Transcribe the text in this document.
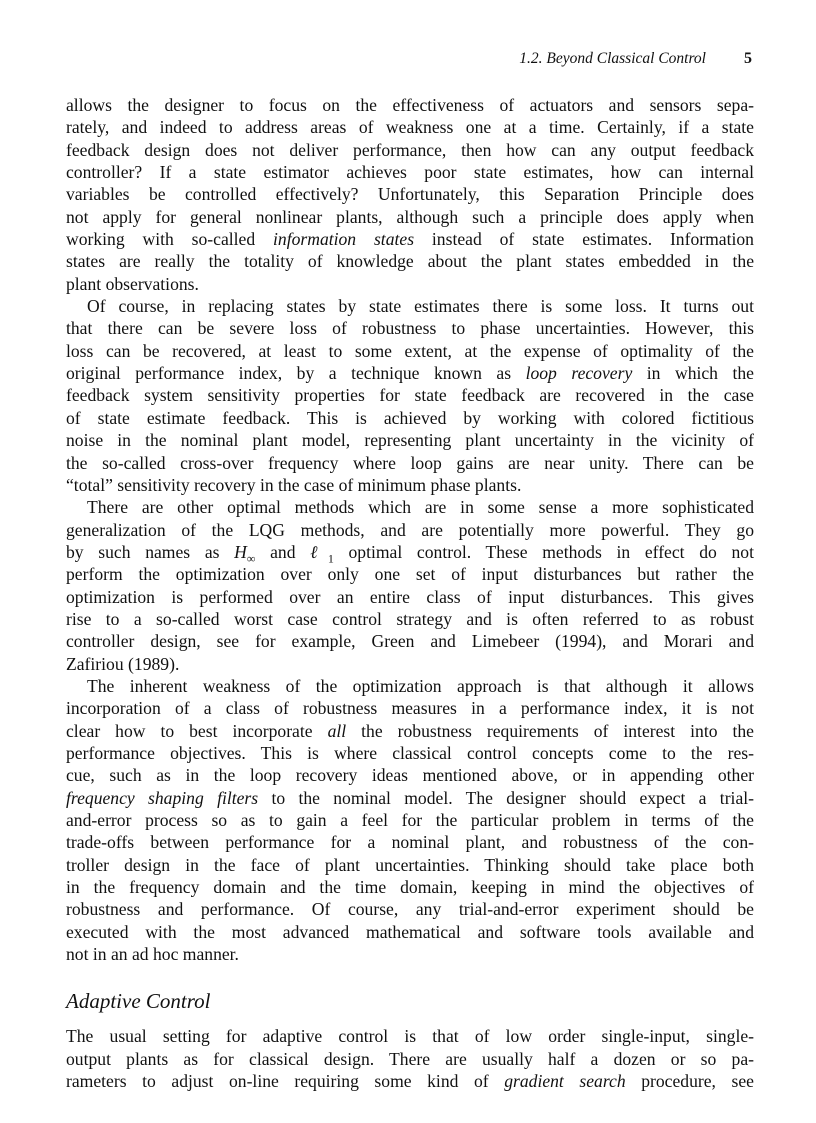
1.2. Beyond Classical Control 5
allows the designer to focus on the effectiveness of actuators and sensors sepa-
rately, and indeed to address areas of weakness one at a time. Certainly, if a state
feedback design does not deliver performance, then how can any output feedback
controller? If a state estimator achieves poor state estimates, how can internal
variables be controlled effectively? Unfortunately, this Separation Principle does
not apply for general nonlinear plants, although such a principle does apply when
working with so-called information states instead of state estimates. Information
states are really the totality of knowledge about the plant states embedded in the
plant observations.
Of course, in replacing states by state estimates there is some loss. It turns out
that there can be severe loss of robustness to phase uncertainties. However, this
loss can be recovered, at least to some extent, at the expense of optimality of the
original performance index, by a technique known as loop recovery in which the
feedback system sensitivity properties for state feedback are recovered in the case
of state estimate feedback. This is achieved by working with colored fictitious
noise in the nominal plant model, representing plant uncertainty in the vicinity of
the so-called cross-over frequency where loop gains are near unity. There can be
“total” sensitivity recovery in the case of minimum phase plants.
There are other optimal methods which are in some sense a more sophisticated
generalization of the LQG methods, and are potentially more powerful. They go
by such names as $H_\infty$ and ℓ$_1$ optimal control. These methods in effect do not
perform the optimization over only one set of input disturbances but rather the
optimization is performed over an entire class of input disturbances. This gives
rise to a so-called worst case control strategy and is often referred to as robust
controller design, see for example, Green and Limebeer (1994), and Morari and
Zafiriou (1989).
The inherent weakness of the optimization approach is that although it allows
incorporation of a class of robustness measures in a performance index, it is not
clear how to best incorporate all the robustness requirements of interest into the
performance objectives. This is where classical control concepts come to the res-
cue, such as in the loop recovery ideas mentioned above, or in appending other
frequency shaping filters to the nominal model. The designer should expect a trial-
and-error process so as to gain a feel for the particular problem in terms of the
trade-offs between performance for a nominal plant, and robustness of the con-
troller design in the face of plant uncertainties. Thinking should take place both
in the frequency domain and the time domain, keeping in mind the objectives of
robustness and performance. Of course, any trial-and-error experiment should be
executed with the most advanced mathematical and software tools available and
not in an ad hoc manner.
Adaptive Control
The usual setting for adaptive control is that of low order single-input, single-
output plants as for classical design. There are usually half a dozen or so pa-
rameters to adjust on-line requiring some kind of gradient search procedure, see
